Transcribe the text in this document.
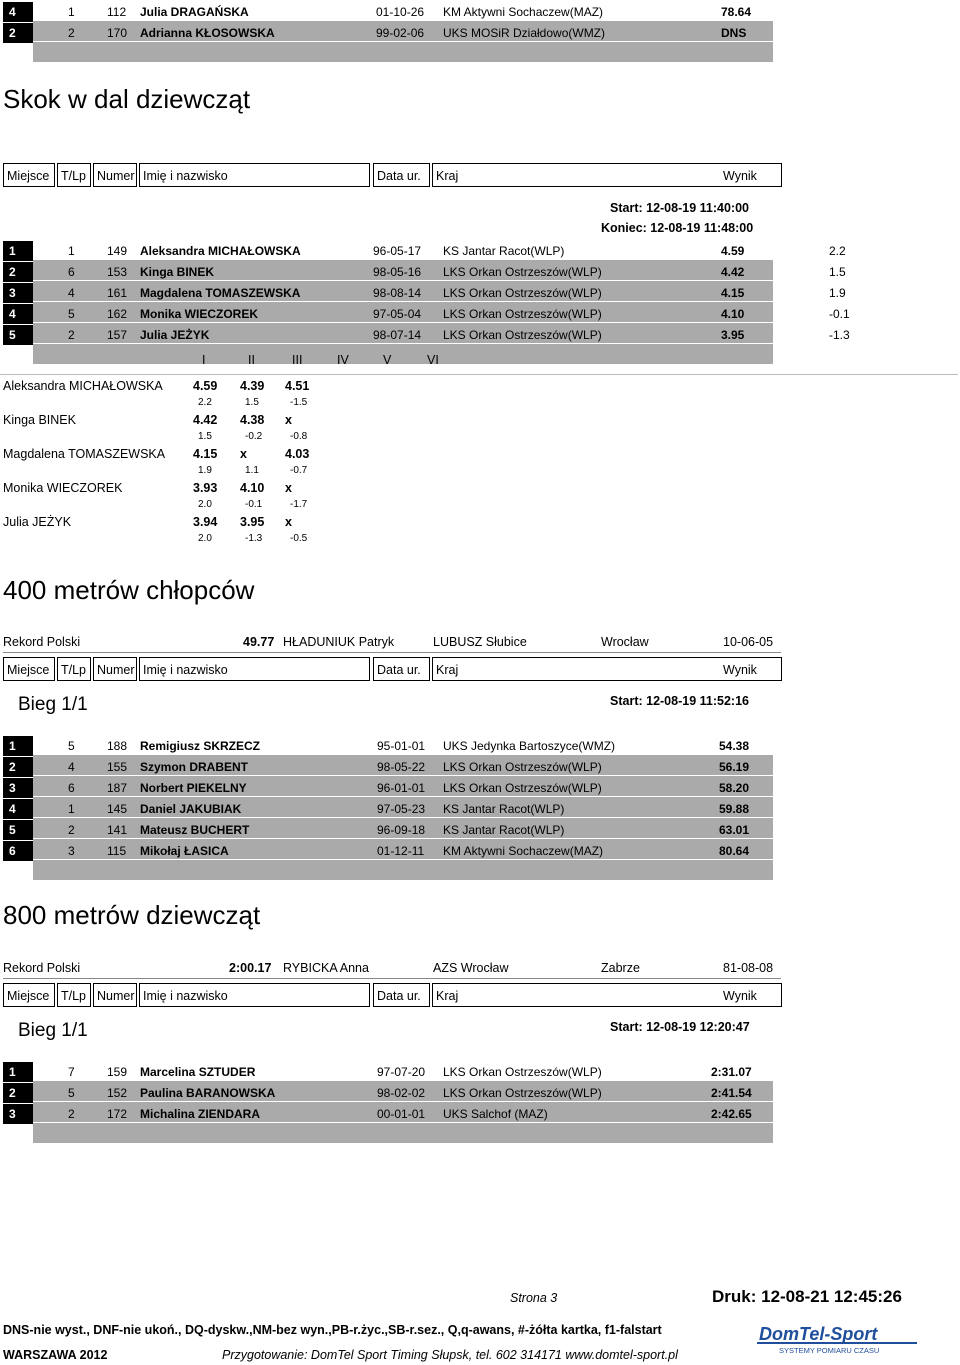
4	1	112 Julia DRAGAŃSKA	01-10-26 KM Aktywni Sochaczew(MAZ)	78.64
2	2	170 Adrianna KŁOSOWSKA	99-02-06 UKS MOSiR Działdowo(WMZ)	DNS
Skok w dal dziewcząt
Miejsce T/Lp Numer Imię i nazwisko	Data ur.	Kraj	Wynik
Start: 12-08-19 11:40:00
Koniec: 12-08-19 11:48:00
1	1	149 Aleksandra MICHAŁOWSKA	96-05-17 KS Jantar Racot(WLP)	4.59	2.2
2	6	153 Kinga BINEK	98-05-16 LKS Orkan Ostrzeszów(WLP)	4.42	1.5
3	4	161 Magdalena TOMASZEWSKA	98-08-14 LKS Orkan Ostrzeszów(WLP)	4.15	1.9
4	5	162 Monika WIECZOREK	97-05-04 LKS Orkan Ostrzeszów(WLP)	4.10	-0.1
5	2	157 Julia JEŻYK	98-07-14 LKS Orkan Ostrzeszów(WLP)	3.95	-1.3
I	II	III	IV	V	VI
Aleksandra MICHAŁOWSKA 4.59 4.39 4.51
2.2	1.5	-1.5
Kinga BINEK	4.42 4.38 x
1.5	-0.2	-0.8
Magdalena TOMASZEWSKA 4.15 x	4.03
1.9	1.1	-0.7
Monika WIECZOREK	3.93 4.10 x
2.0	-0.1	-1.7
Julia JEŻYK	3.94 3.95 x
2.0	-1.3	-0.5
400 metrów chłopców
Rekord Polski	49.77 HŁADUNIUK Patryk	LUBUSZ Słubice	Wrocław	10-06-05
Miejsce T/Lp Numer Imię i nazwisko	Data ur.	Kraj	Wynik
Bieg 1/1	Start: 12-08-19 11:52:16
1	5	188 Remigiusz SKRZECZ	95-01-01 UKS Jedynka Bartoszyce(WMZ)	54.38
2	4	155 Szymon DRABENT	98-05-22 LKS Orkan Ostrzeszów(WLP)	56.19
3	6	187 Norbert PIEKELNY	96-01-01 LKS Orkan Ostrzeszów(WLP)	58.20
4	1	145 Daniel JAKUBIAK	97-05-23 KS Jantar Racot(WLP)	59.88
5	2	141 Mateusz BUCHERT	96-09-18 KS Jantar Racot(WLP)	63.01
6	3	115 Mikołaj ŁASICA	01-12-11 KM Aktywni Sochaczew(MAZ)	80.64
800 metrów dziewcząt
Rekord Polski	2:00.17 RYBICKA Anna	AZS Wrocław	Zabrze	81-08-08
Miejsce T/Lp Numer Imię i nazwisko	Data ur.	Kraj	Wynik
Bieg 1/1	Start: 12-08-19 12:20:47
1	7	159 Marcelina SZTUDER	97-07-20 LKS Orkan Ostrzeszów(WLP)	2:31.07
2	5	152 Paulina BARANOWSKA	98-02-02 LKS Orkan Ostrzeszów(WLP)	2:41.54
3	2	172 Michalina ZIENDARA	00-01-01 UKS Salchof (MAZ)	2:42.65
Strona 3	Druk: 12-08-21 12:45:26
DNS-nie wyst., DNF-nie ukoń., DQ-dyskw.,NM-bez wyn.,PB-r.życ.,SB-r.sez., Q,q-awans, #-żółta kartka, f1-falstart
WARSZAWA 2012	Przygotowanie: DomTel Sport Timing Słupsk, tel. 602 314171 www.domtel-sport.pl
DomTel-Sport
SYSTEMY POMIARU CZASU
